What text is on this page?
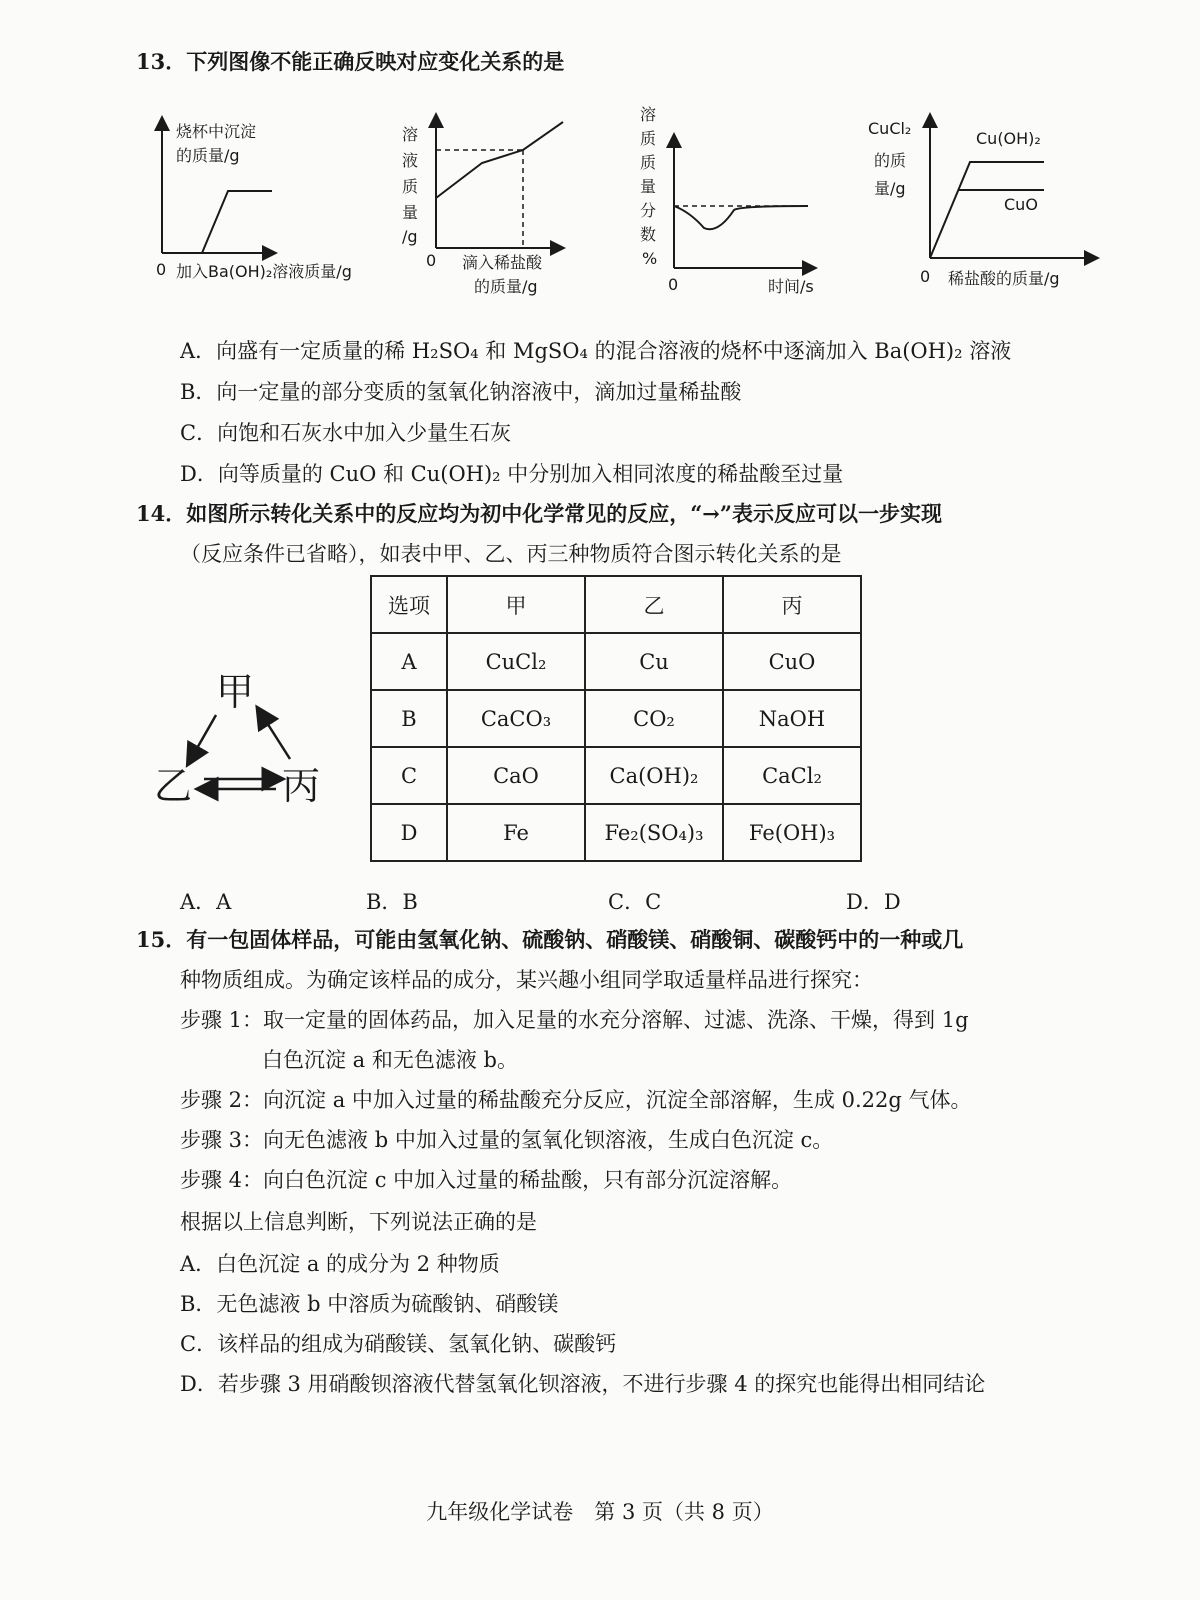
13．下列图像不能正确反映对应变化关系的是
烧杯中沉淀
的质量/g
0 加入Ba(OH)₂溶液质量/g
溶
液
质
量
/g
0 滴入稀盐酸
的质量/g
溶
质
质
量
分
数
%
0	时间/s
CuCl₂
的质
量/g
Cu(OH)₂
CuO
0 稀盐酸的质量/g
A．向盛有一定质量的稀 H₂SO₄ 和 MgSO₄ 的混合溶液的烧杯中逐滴加入 Ba(OH)₂ 溶液
B．向一定量的部分变质的氢氧化钠溶液中，滴加过量稀盐酸
C．向饱和石灰水中加入少量生石灰
D．向等质量的 CuO 和 Cu(OH)₂ 中分别加入相同浓度的稀盐酸至过量
14．如图所示转化关系中的反应均为初中化学常见的反应，“→”表示反应可以一步实现
（反应条件已省略），如表中甲、乙、丙三种物质符合图示转化关系的是
甲
乙 丙
选项	甲	乙	丙
A	CuCl₂	Cu	CuO
B	CaCO₃	CO₂	NaOH
C	CaO	Ca(OH)₂	CaCl₂
D	Fe	Fe₂(SO₄)₃	Fe(OH)₃
A．A	B．B	C．C	D．D
15．有一包固体样品，可能由氢氧化钠、硫酸钠、硝酸镁、硝酸铜、碳酸钙中的一种或几
种物质组成。为确定该样品的成分，某兴趣小组同学取适量样品进行探究：
步骤 1：取一定量的固体药品，加入足量的水充分溶解、过滤、洗涤、干燥，得到 1g
白色沉淀 a 和无色滤液 b。
步骤 2：向沉淀 a 中加入过量的稀盐酸充分反应，沉淀全部溶解，生成 0.22g 气体。
步骤 3：向无色滤液 b 中加入过量的氢氧化钡溶液，生成白色沉淀 c。
步骤 4：向白色沉淀 c 中加入过量的稀盐酸，只有部分沉淀溶解。
根据以上信息判断，下列说法正确的是
A．白色沉淀 a 的成分为 2 种物质
B．无色滤液 b 中溶质为硫酸钠、硝酸镁
C．该样品的组成为硝酸镁、氢氧化钠、碳酸钙
D．若步骤 3 用硝酸钡溶液代替氢氧化钡溶液，不进行步骤 4 的探究也能得出相同结论
九年级化学试卷　第 3 页（共 8 页）
